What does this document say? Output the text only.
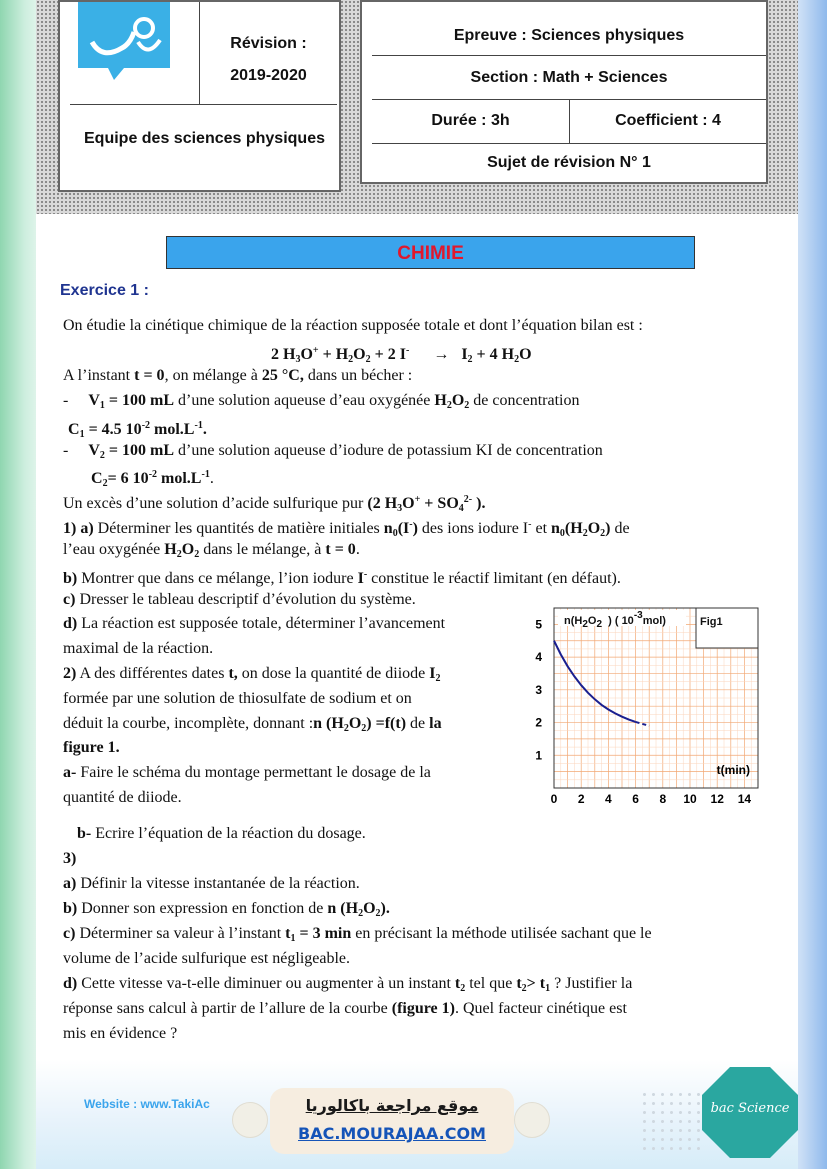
Révision :
2019-2020
Equipe des sciences physiques
Epreuve : Sciences physiques
Section : Math + Sciences
Durée : 3h	Coefficient : 4
Sujet de révision N° 1
CHIMIE
Exercice 1 :
On étudie la cinétique chimique de la réaction supposée totale et dont l’équation bilan est :
2 $H_3O^+ + H_2O_2 + 2$ $I^- \to I_2 + 4$ $H_2O$
A l’instant t = 0, on mélange à 25 °C, dans un bécher :
-     $V_1 = 100$ mL d’une solution aqueuse d’eau oxygénée $H_2O_2$ de concentration
$C_1 = 4.5$ $10^{-2}$ $mol.L^{-1}$.
-     $V_2 = 100$ mL d’une solution aqueuse d’iodure de potassium KI de concentration
$C_2= 6$ $10^{-2}$ $mol.L^{-1}$.
Un excès d’une solution d’acide sulfurique pur (2 $H_3O^+ + SO_4^{2-}$ ).
1) a) Déterminer les quantités de matière initiales $n_0(I^-)$ des ions iodure I- et $n_0(H_2O_2)$ de
l’eau oxygénée $H_2O_2$ dans le mélange, à t = 0.
b) Montrer que dans ce mélange, l’ion iodure I- constitue le réactif limitant (en défaut).
c) Dresser le tableau descriptif d’évolution du système.
d) La réaction est supposée totale, déterminer l’avancement
maximal de la réaction.
2) A des différentes dates t, on dose la quantité de diiode $I_2$
formée par une solution de thiosulfate de sodium et on
déduit la courbe, incomplète, donnant :n $(H_2O_2) =f(t)$ de la
figure 1.
a- Faire le schéma du montage permettant le dosage de la
quantité de diiode.
b- Ecrire l’équation de la réaction du dosage.
3)
a) Définir la vitesse instantanée de la réaction.
b) Donner son expression en fonction de n $(H_2O_2)$.
c) Déterminer sa valeur à l’instant $t_1 = 3$ min en précisant la méthode utilisée sachant que le
volume de l’acide sulfurique est négligeable.
d) Cette vitesse va-t-elle diminuer ou augmenter à un instant $t_2$ tel que $t_2> t_1$ ? Justifier la
réponse sans calcul à partir de l’allure de la courbe (figure 1). Quel facteur cinétique est
mis en évidence ?
0 2 4 6 8 10 12 14
1
2
3
4
5
t(min)
$n(H_2O_2$  ) ( $10^{-3}mol$)	Fig1
Website : www.TakiAc	موقع مراجعة باكالوريا
BAC.MOURAJAA.COM
bac Science
